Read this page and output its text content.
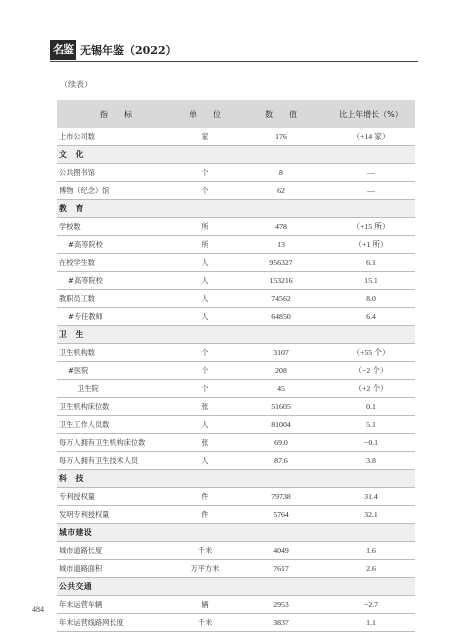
名鉴 无锡年鉴（2022）
（续表）
指　　标	单　　位	数　　值	比上年增长（%）
上市公司数	家	176	（+14 家）
文　化			
公共图书馆	个	8	—
博物（纪念）馆	个	62	—
教　育			
学校数	所	478	（+15 所）
#高等院校	所	13	（+1 所）
在校学生数	人	956327	6.1
#高等院校	人	153216	15.1
教职员工数	人	74562	8.0
#专任教师	人	64850	6.4
卫　生			
卫生机构数	个	3107	（+55 个）
#医院	个	208	（−2 个）
卫生院	个	45	（+2 个）
卫生机构床位数	张	51605	0.1
卫生工作人员数	人	81004	5.1
每万人拥有卫生机构床位数	张	69.0	−0.1
每万人拥有卫生技术人员	人	87.6	3.8
科　技			
专利授权量	件	79738	31.4
发明专利授权量	件	5764	32.1
城市建设			
城市道路长度	千米	4049	1.6
城市道路面积	万平方米	7617	2.6
公共交通			
年末运营车辆	辆	2953	−2.7
年末运营线路网长度	千米	3837	1.1
484
